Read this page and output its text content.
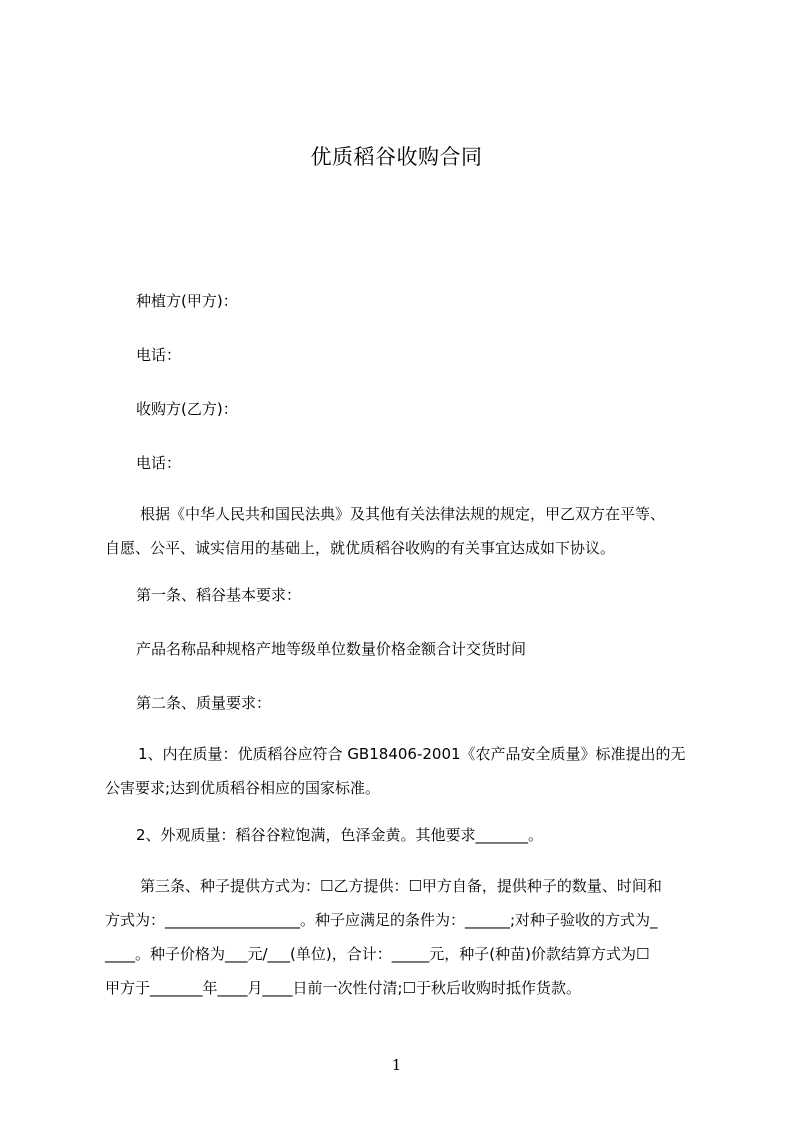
优质稻谷收购合同
种植方(甲方)：
电话：
收购方(乙方)：
电话：
根据《中华人民共和国民法典》及其他有关法律法规的规定，甲乙双方在平等、
自愿、公平、诚实信用的基础上，就优质稻谷收购的有关事宜达成如下协议。
第一条、稻谷基本要求：
产品名称品种规格产地等级单位数量价格金额合计交货时间
第二条、质量要求：
1、内在质量：优质稻谷应符合 GB18406-2001《农产品安全质量》标准提出的无
公害要求;达到优质稻谷相应的国家标准。
2、外观质量：稻谷谷粒饱满，色泽金黄。其他要求_______。
第三条、种子提供方式为：☐乙方提供：☐甲方自备，提供种子的数量、时间和
方式为：__________________。种子应满足的条件为：______;对种子验收的方式为_
____。种子价格为___元/___(单位)，合计：_____元，种子(种苗)价款结算方式为☐
甲方于_______年____月____日前一次性付清;☐于秋后收购时抵作货款。
1
